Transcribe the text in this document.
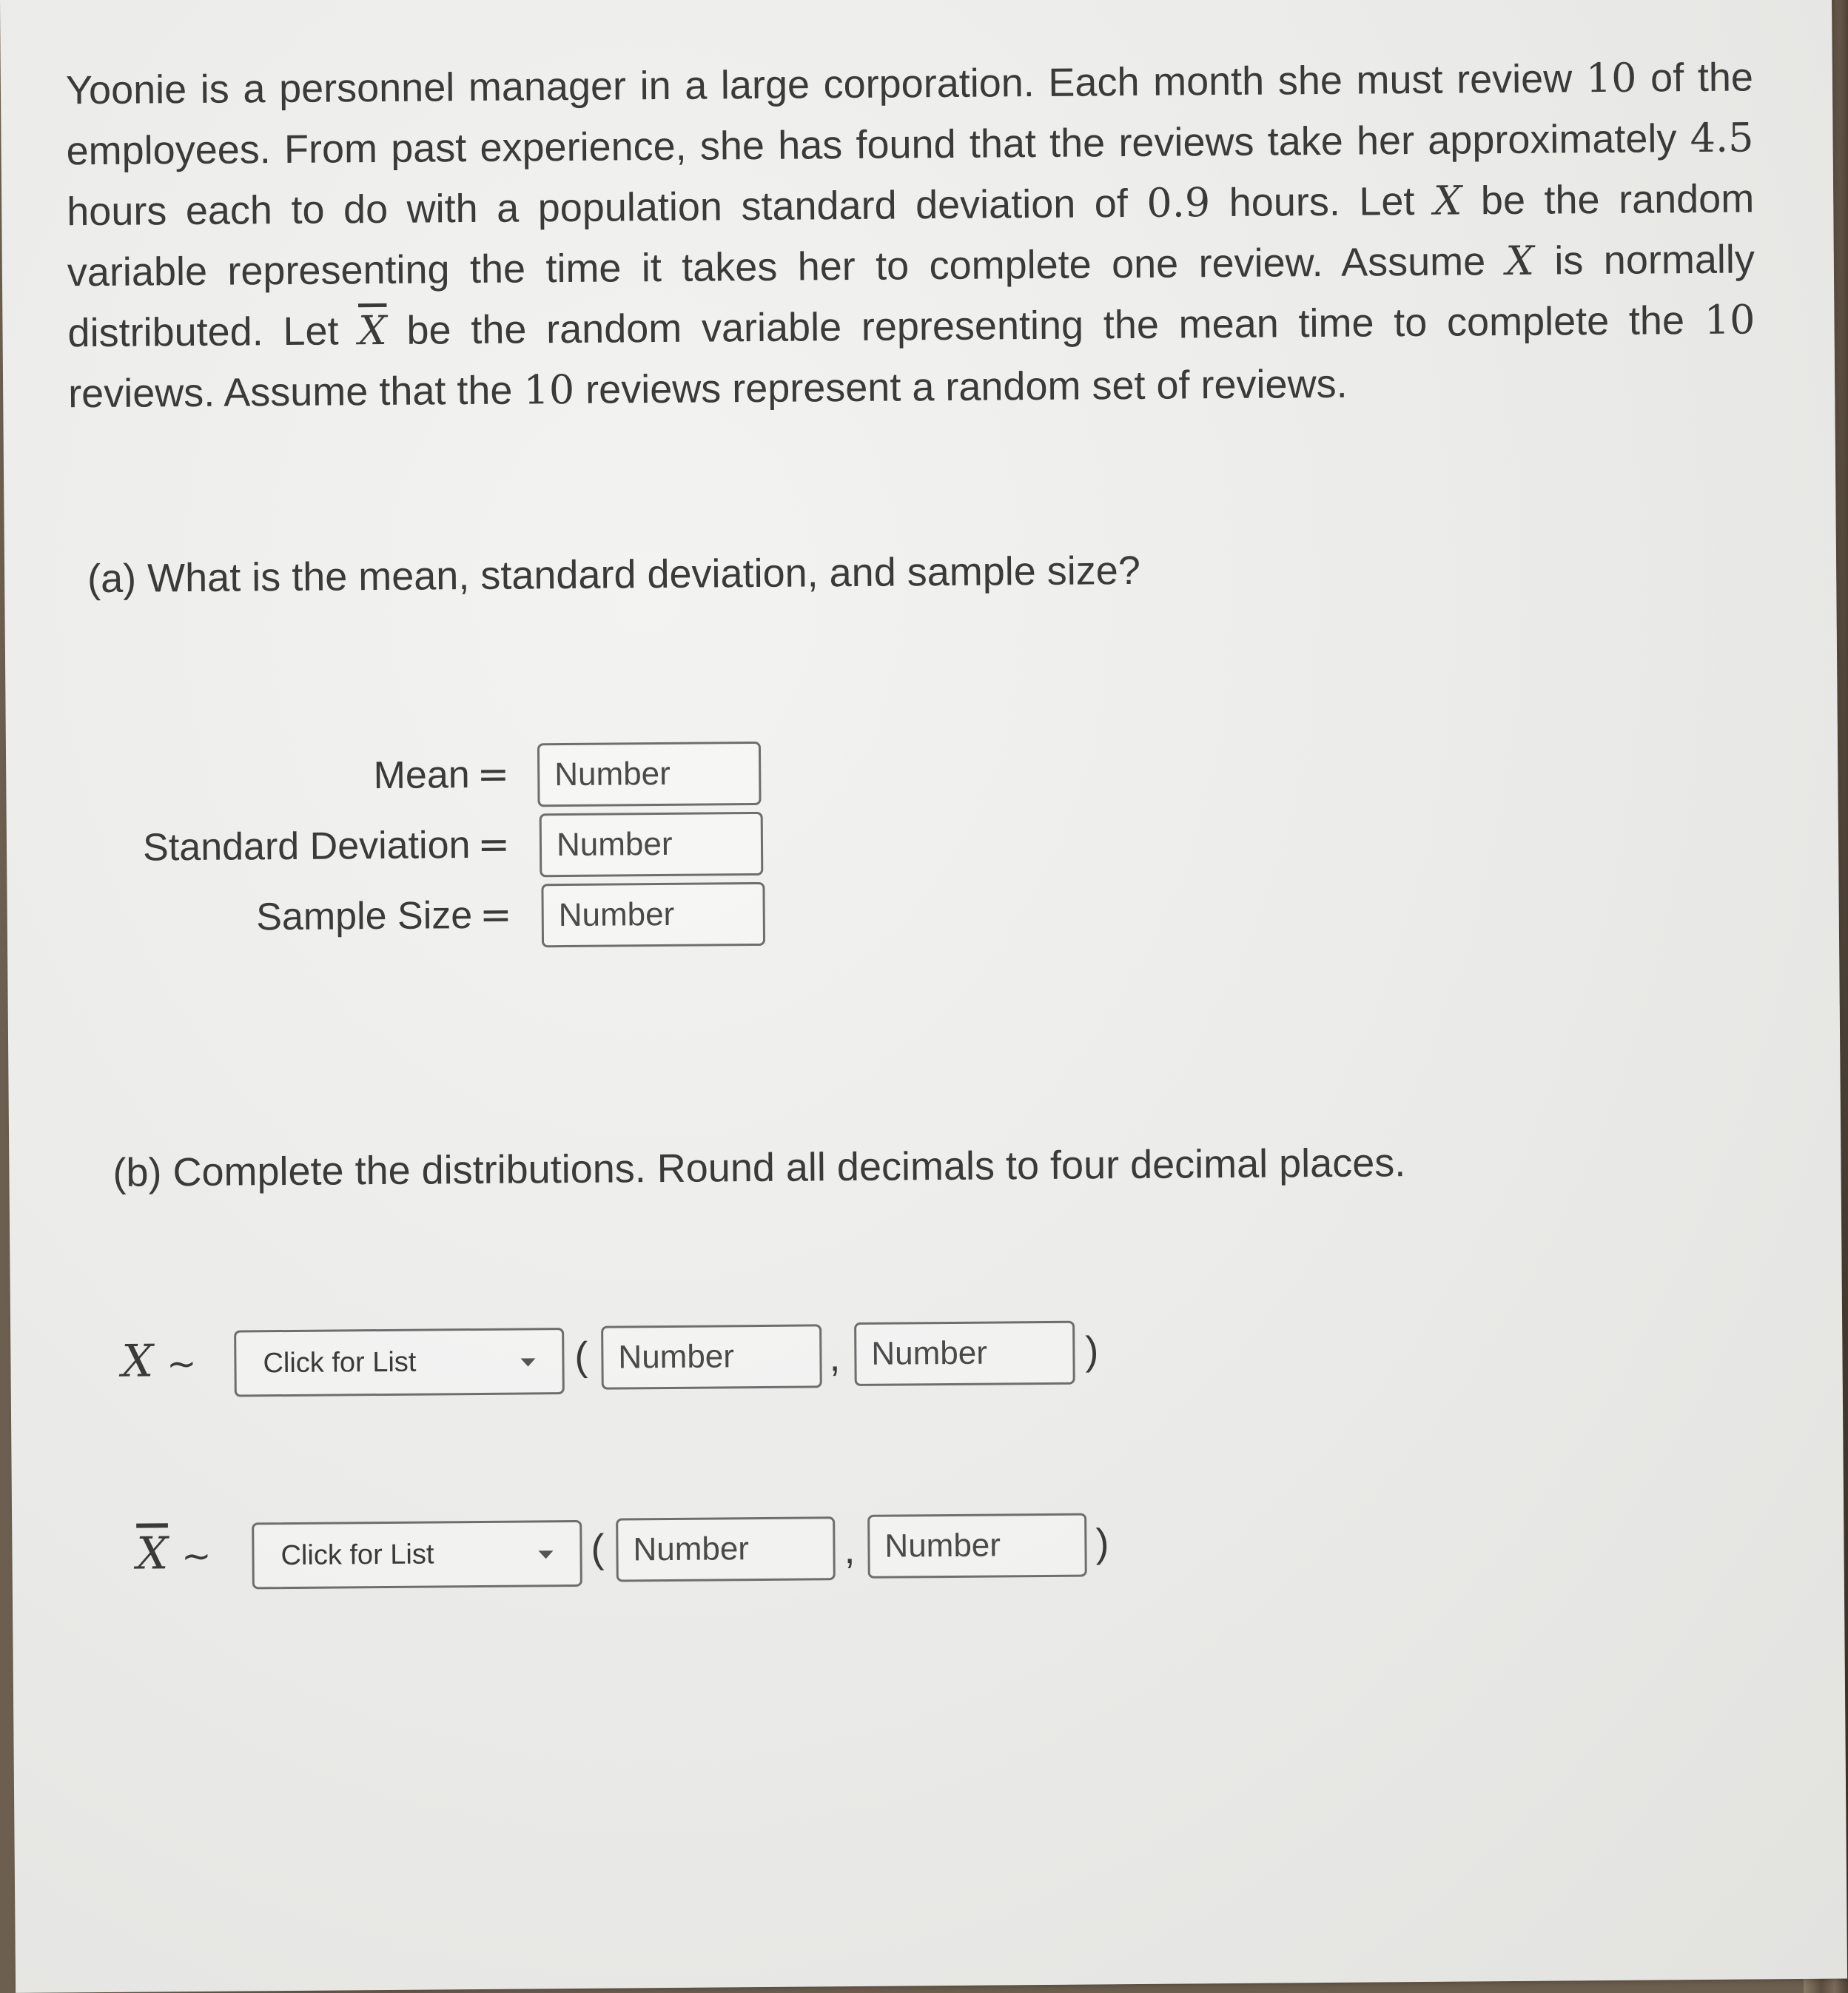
Yoonie is a personnel manager in a large corporation. Each month she must review 10 of the employees. From past experience, she has found that the reviews take her approximately 4.5 hours each to do with a population standard deviation of 0.9 hours. Let X be the random variable representing the time it takes her to complete one review. Assume X is normally distributed. Let $\overline{X}$ be the random variable representing the mean time to complete the 10 reviews. Assume that the 10 reviews represent a random set of reviews.

(a) What is the mean, standard deviation, and sample size?

Mean =
Number
Standard Deviation =
Number
Sample Size =
Number

(b) Complete the distributions. Round all decimals to four decimal places.

X ~	Click for List	(
Number	,
Number	)
$\overline{X}$ ~	Click for List	(
Number	,
Number	)
